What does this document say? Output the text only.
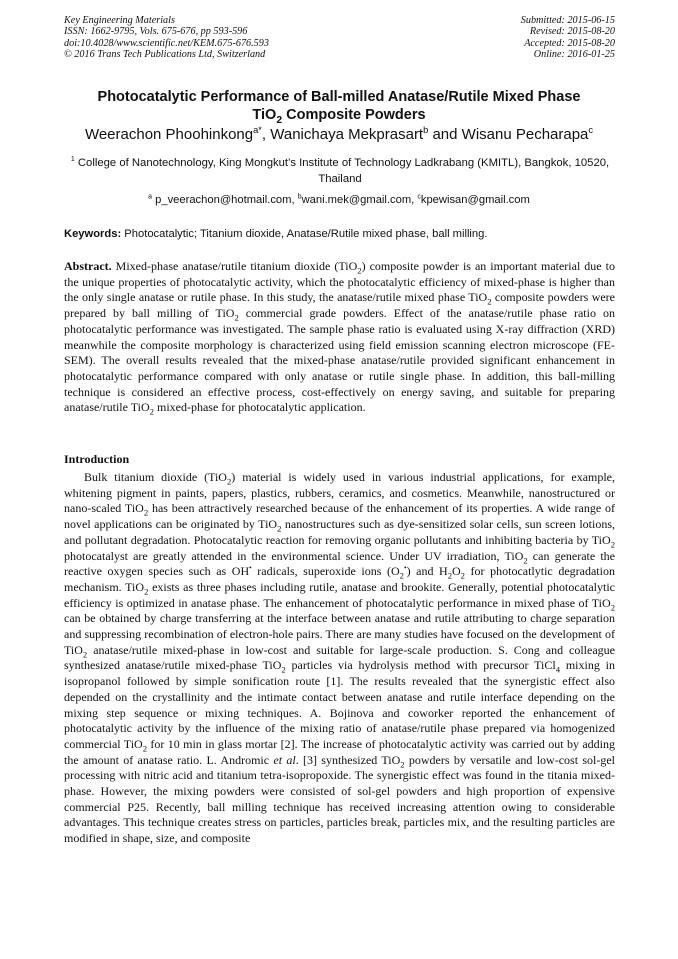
Key Engineering Materials
ISSN: 1662-9795, Vols. 675-676, pp 593-596
doi:10.4028/www.scientific.net/KEM.675-676.593
© 2016 Trans Tech Publications Ltd, Switzerland
Submitted: 2015-06-15
Revised: 2015-08-20
Accepted: 2015-08-20
Online: 2016-01-25
Photocatalytic Performance of Ball-milled Anatase/Rutile Mixed Phase
TiO$_2$ Composite Powders
Weerachon Phoohinkong$^{a*}$, Wanichaya Mekprasart$^b$ and Wisanu Pecharapa$^c$
$^1$ College of Nanotechnology, King Mongkut’s Institute of Technology Ladkrabang (KMITL), Bangkok, 10520, Thailand
$^a$ p_veerachon@hotmail.com, $^b$wani.mek@gmail.com, $^c$kpewisan@gmail.com
Keywords: Photocatalytic; Titanium dioxide, Anatase/Rutile mixed phase, ball milling.
Abstract. Mixed-phase anatase/rutile titanium dioxide (TiO$_2$) composite powder is an important material due to the unique properties of photocatalytic activity, which the photocatalytic efficiency of mixed-phase is higher than the only single anatase or rutile phase. In this study, the anatase/rutile mixed phase TiO$_2$ composite powders were prepared by ball milling of TiO$_2$ commercial grade powders. Effect of the anatase/rutile phase ratio on photocatalytic performance was investigated. The sample phase ratio is evaluated using X-ray diffraction (XRD) meanwhile the composite morphology is characterized using field emission scanning electron microscope (FE-SEM). The overall results revealed that the mixed-phase anatase/rutile provided significant enhancement in photocatalytic performance compared with only anatase or rutile single phase. In addition, this ball-milling technique is considered an effective process, cost-effectively on energy saving, and suitable for preparing anatase/rutile TiO$_2$ mixed-phase for photocatalytic application.
Introduction
Bulk titanium dioxide (TiO$_2$) material is widely used in various industrial applications, for example, whitening pigment in paints, papers, plastics, rubbers, ceramics, and cosmetics. Meanwhile, nanostructured or nano-scaled TiO$_2$ has been attractively researched because of the enhancement of its properties. A wide range of novel applications can be originated by TiO$_2$ nanostructures such as dye-sensitized solar cells, sun screen lotions, and pollutant degradation. Photocatalytic reaction for removing organic pollutants and inhibiting bacteria by TiO$_2$ photocatalyst are greatly attended in the environmental science. Under UV irradiation, TiO$_2$ can generate the reactive oxygen species such as OH• radicals, superoxide ions $(O_2^•)$ and $H_2O_2$ for photocatlytic degradation mechanism. TiO$_2$ exists as three phases including rutile, anatase and brookite. Generally, potential photocatalytic efficiency is optimized in anatase phase. The enhancement of photocatalytic performance in mixed phase of TiO$_2$ can be obtained by charge transferring at the interface between anatase and rutile attributing to charge separation and suppressing recombination of electron-hole pairs. There are many studies have focused on the development of TiO$_2$ anatase/rutile mixed-phase in low-cost and suitable for large-scale production. S. Cong and colleague synthesized anatase/rutile mixed-phase TiO$_2$ particles via hydrolysis method with precursor TiCl$_4$ mixing in isopropanol followed by simple sonification route [1]. The results revealed that the synergistic effect also depended on the crystallinity and the intimate contact between anatase and rutile interface depending on the mixing step sequence or mixing techniques. A. Bojinova and coworker reported the enhancement of photocatalytic activity by the influence of the mixing ratio of anatase/rutile phase prepared via homogenized commercial TiO$_2$ for 10 min in glass mortar [2]. The increase of photocatalytic activity was carried out by adding the amount of anatase ratio. L. Andromic et al. [3] synthesized TiO$_2$ powders by versatile and low-cost sol-gel processing with nitric acid and titanium tetra-isopropoxide. The synergistic effect was found in the titania mixed-phase. However, the mixing powders were consisted of sol-gel powders and high proportion of expensive commercial P25. Recently, ball milling technique has received increasing attention owing to considerable advantages. This technique creates stress on particles, particles break, particles mix, and the resulting particles are modified in shape, size, and composite
